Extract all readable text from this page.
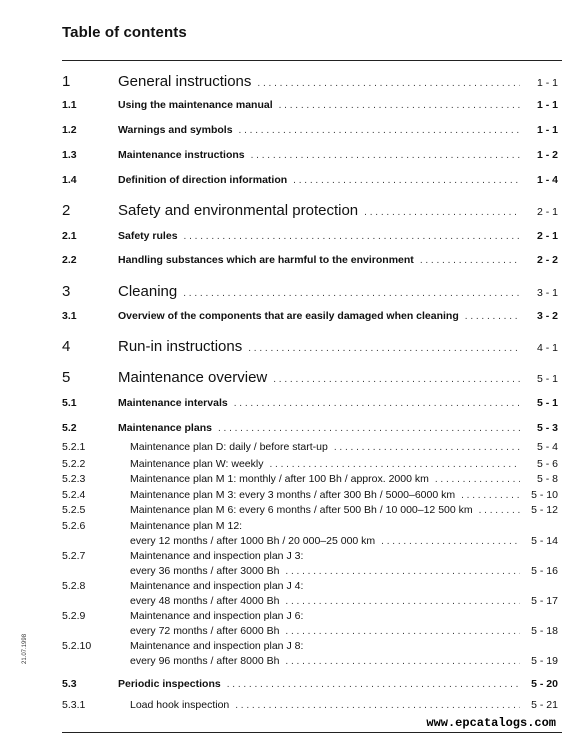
Table of contents
1	General instructions . . .	1 - 1
1.1	Using the maintenance manual . . .	1 - 1
1.2	Warnings and symbols . . .	1 - 1
1.3	Maintenance instructions . . .	1 - 2
1.4	Definition of direction information . . .	1 - 4
2	Safety and environmental protection . . .	2 - 1
2.1	Safety rules . . .	2 - 1
2.2	Handling substances which are harmful to the environment . . .	2 - 2
3	Cleaning . . .	3 - 1
3.1	Overview of the components that are easily damaged when cleaning . . .	3 - 2
4	Run-in instructions . . .	4 - 1
5	Maintenance overview . . .	5 - 1
5.1	Maintenance intervals . . .	5 - 1
5.2	Maintenance plans . . .	5 - 3
5.2.1	Maintenance plan D: daily / before start-up . . .	5 - 4
5.2.2	Maintenance plan W: weekly . . .	5 - 6
5.2.3	Maintenance plan M 1: monthly / after 100 Bh / approx. 2000 km . . .	5 - 8
5.2.4	Maintenance plan M 3: every 3 months / after 300 Bh / 5000–6000 km . . .	5 - 10
5.2.5	Maintenance plan M 6: every 6 months / after 500 Bh / 10 000–12 500 km . . .	5 - 12
5.2.6	Maintenance plan M 12:
every 12 months / after 1000 Bh / 20 000–25 000 km . . .	5 - 14
5.2.7	Maintenance and inspection plan J 3:
every 36 months / after 3000 Bh . . .	5 - 16
5.2.8	Maintenance and inspection plan J 4:
every 48 months / after 4000 Bh . . .	5 - 17
5.2.9	Maintenance and inspection plan J 6:
every 72 months / after 6000 Bh . . .	5 - 18
5.2.10	Maintenance and inspection plan J 8:
every 96 months / after 8000 Bh . . .	5 - 19
5.3	Periodic inspections . . .	5 - 20
5.3.1	Load hook inspection . . .	5 - 21
21.07.1998
www.epcatalogs.com
